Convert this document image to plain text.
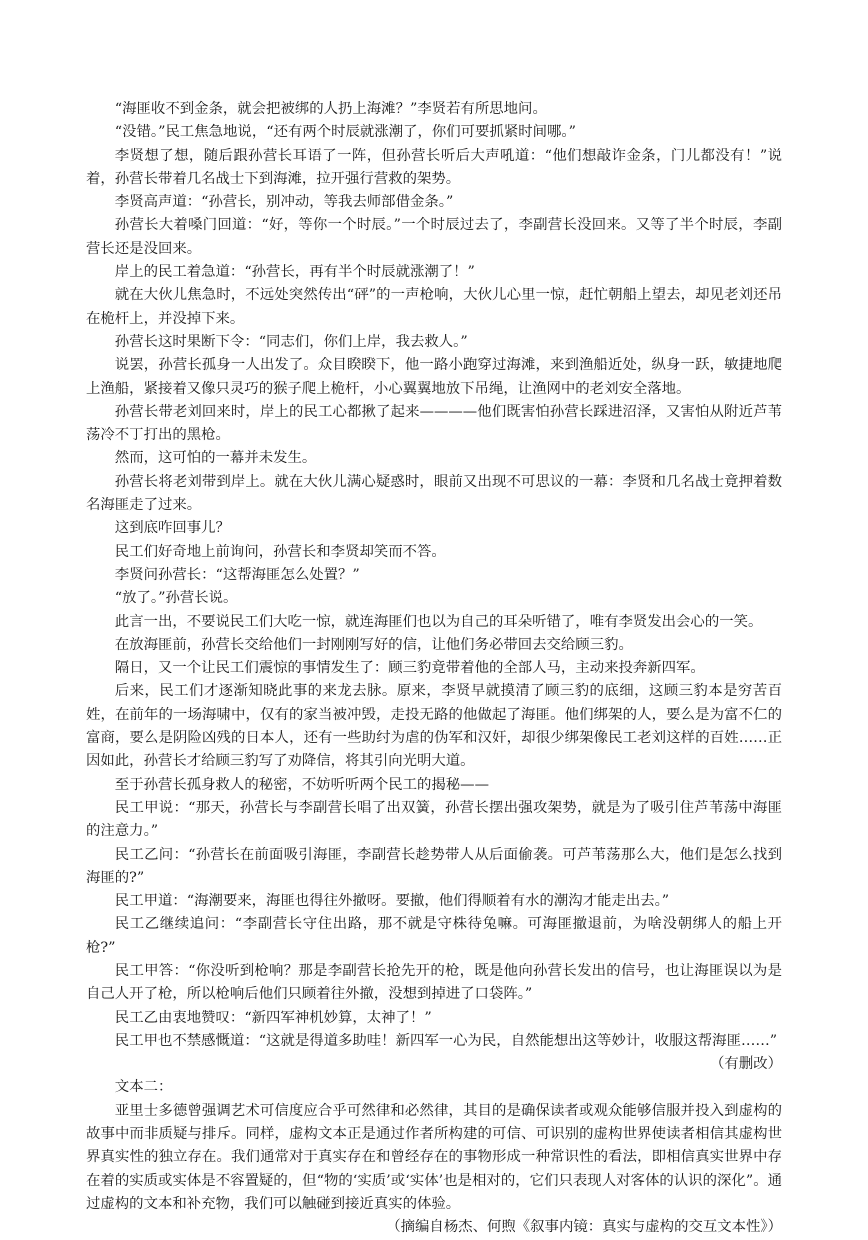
“海匪收不到金条，就会把被绑的人扔上海滩？”李贤若有所思地问。

“没错。”民工焦急地说，“还有两个时辰就涨潮了，你们可要抓紧时间哪。”

李贤想了想，随后跟孙营长耳语了一阵，但孙营长听后大声吼道：“他们想敲诈金条，门儿都没有！”说着，孙营长带着几名战士下到海滩，拉开强行营救的架势。

李贤高声道：“孙营长，别冲动，等我去师部借金条。”

孙营长大着嗓门回道：“好，等你一个时辰。”一个时辰过去了，李副营长没回来。又等了半个时辰，李副营长还是没回来。

岸上的民工着急道：“孙营长，再有半个时辰就涨潮了！”

就在大伙儿焦急时，不远处突然传出“砰”的一声枪响，大伙儿心里一惊，赶忙朝船上望去，却见老刘还吊在桅杆上，并没掉下来。

孙营长这时果断下令：“同志们，你们上岸，我去救人。”

说罢，孙营长孤身一人出发了。众目睽睽下，他一路小跑穿过海滩，来到渔船近处，纵身一跃，敏捷地爬上渔船，紧接着又像只灵巧的猴子爬上桅杆，小心翼翼地放下吊绳，让渔网中的老刘安全落地。

孙营长带老刘回来时，岸上的民工心都揪了起来————他们既害怕孙营长踩进沼泽，又害怕从附近芦苇荡冷不丁打出的黑枪。

然而，这可怕的一幕并未发生。

孙营长将老刘带到岸上。就在大伙儿满心疑惑时，眼前又出现不可思议的一幕：李贤和几名战士竟押着数名海匪走了过来。

这到底咋回事儿？

民工们好奇地上前询问，孙营长和李贤却笑而不答。

李贤问孙营长：“这帮海匪怎么处置？”

“放了。”孙营长说。

此言一出，不要说民工们大吃一惊，就连海匪们也以为自己的耳朵听错了，唯有李贤发出会心的一笑。

在放海匪前，孙营长交给他们一封刚刚写好的信，让他们务必带回去交给顾三豹。

隔日，又一个让民工们震惊的事情发生了：顾三豹竟带着他的全部人马，主动来投奔新四军。

后来，民工们才逐渐知晓此事的来龙去脉。原来，李贤早就摸清了顾三豹的底细，这顾三豹本是穷苦百姓，在前年的一场海啸中，仅有的家当被冲毁，走投无路的他做起了海匪。他们绑架的人，要么是为富不仁的富商，要么是阴险凶残的日本人，还有一些助纣为虐的伪军和汉奸，却很少绑架像民工老刘这样的百姓……正因如此，孙营长才给顾三豹写了劝降信，将其引向光明大道。

至于孙营长孤身救人的秘密，不妨听听两个民工的揭秘——

民工甲说：“那天，孙营长与李副营长唱了出双簧，孙营长摆出强攻架势，就是为了吸引住芦苇荡中海匪的注意力。”

民工乙问：“孙营长在前面吸引海匪，李副营长趁势带人从后面偷袭。可芦苇荡那么大，他们是怎么找到海匪的?”

民工甲道：“海潮要来，海匪也得往外撤呀。要撤，他们得顺着有水的潮沟才能走出去。”

民工乙继续追问：“李副营长守住出路，那不就是守株待兔嘛。可海匪撤退前，为啥没朝绑人的船上开枪?”

民工甲答：“你没听到枪响？那是李副营长抢先开的枪，既是他向孙营长发出的信号，也让海匪误以为是自己人开了枪，所以枪响后他们只顾着往外撤，没想到掉进了口袋阵。”

民工乙由衷地赞叹：“新四军神机妙算，太神了！”

民工甲也不禁感慨道：“这就是得道多助哇！新四军一心为民，自然能想出这等妙计，收服这帮海匪……”

（有删改）

文本二：

亚里士多德曾强调艺术可信度应合乎可然律和必然律，其目的是确保读者或观众能够信服并投入到虚构的故事中而非质疑与排斥。同样，虚构文本正是通过作者所构建的可信、可识别的虚构世界使读者相信其虚构世界真实性的独立存在。我们通常对于真实存在和曾经存在的事物形成一种常识性的看法，即相信真实世界中存在着的实质或实体是不容置疑的，但“物的‘实质’或‘实体’也是相对的，它们只表现人对客体的认识的深化”。通过虚构的文本和补充物，我们可以触碰到接近真实的体验。

（摘编自杨杰、何煦《叙事内镜：真实与虚构的交互文本性》）
